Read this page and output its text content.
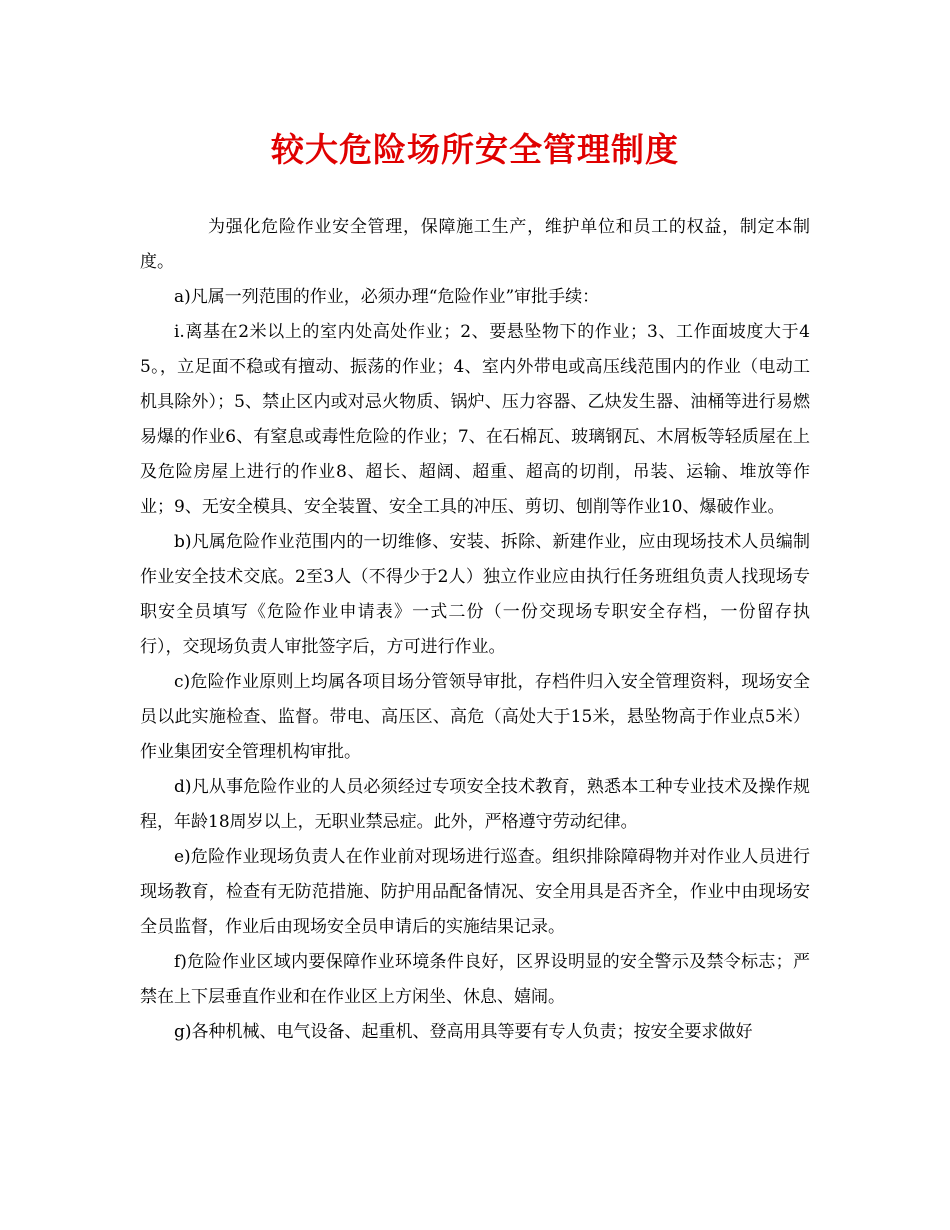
较大危险场所安全管理制度

为强化危险作业安全管理，保障施工生产，维护单位和员工的权益，制定本制度。

a)凡属一列范围的作业，必须办理“危险作业”审批手续：

i.离基在2米以上的室内处高处作业；2、要悬坠物下的作业；3、工作面坡度大于45。，立足面不稳或有擅动、振荡的作业；4、室内外带电或高压线范围内的作业（电动工机具除外）；5、禁止区内或对忌火物质、锅炉、压力容器、乙炔发生器、油桶等进行易燃易爆的作业6、有窒息或毒性危险的作业；7、在石棉瓦、玻璃钢瓦、木屑板等轻质屋在上及危险房屋上进行的作业8、超长、超阔、超重、超高的切削，吊装、运输、堆放等作业；9、无安全模具、安全装置、安全工具的冲压、剪切、刨削等作业10、爆破作业。

b)凡属危险作业范围内的一切维修、安装、拆除、新建作业，应由现场技术人员编制作业安全技术交底。2至3人（不得少于2人）独立作业应由执行任务班组负责人找现场专职安全员填写《危险作业申请表》一式二份（一份交现场专职安全存档，一份留存执行），交现场负责人审批签字后，方可进行作业。

c)危险作业原则上均属各项目场分管领导审批，存档件归入安全管理资料，现场安全员以此实施检查、监督。带电、高压区、高危（高处大于15米，悬坠物高于作业点5米）作业集团安全管理机构审批。

d)凡从事危险作业的人员必须经过专项安全技术教育，熟悉本工种专业技术及操作规程，年龄18周岁以上，无职业禁忌症。此外，严格遵守劳动纪律。

e)危险作业现场负责人在作业前对现场进行巡查。组织排除障碍物并对作业人员进行现场教育，检查有无防范措施、防护用品配备情况、安全用具是否齐全，作业中由现场安全员监督，作业后由现场安全员申请后的实施结果记录。

f)危险作业区域内要保障作业环境条件良好，区界设明显的安全警示及禁令标志；严禁在上下层垂直作业和在作业区上方闲坐、休息、嬉闹。

g)各种机械、电气设备、起重机、登高用具等要有专人负责；按安全要求做好
